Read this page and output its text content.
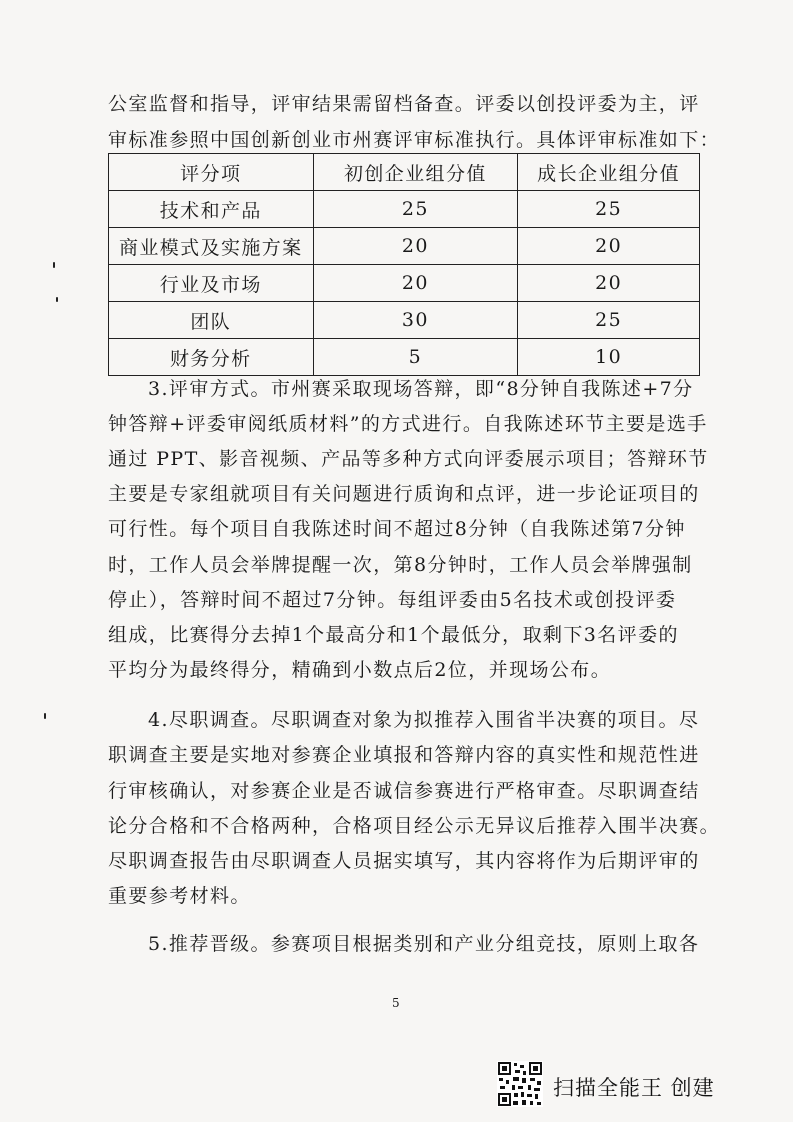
公室监督和指导，评审结果需留档备查。评委以创投评委为主，评
审标准参照中国创新创业市州赛评审标准执行。具体评审标准如下：
评分项	初创企业组分值	成长企业组分值
技术和产品	25	25
商业模式及实施方案	20	20
行业及市场	20	20
团队	30	25
财务分析	5	10
3.评审方式。市州赛采取现场答辩，即“8分钟自我陈述+7分
钟答辩+评委审阅纸质材料”的方式进行。自我陈述环节主要是选手
通过 PPT、影音视频、产品等多种方式向评委展示项目；答辩环节
主要是专家组就项目有关问题进行质询和点评，进一步论证项目的
可行性。每个项目自我陈述时间不超过8分钟（自我陈述第7分钟
时，工作人员会举牌提醒一次，第8分钟时，工作人员会举牌强制
停止），答辩时间不超过7分钟。每组评委由5名技术或创投评委
组成，比赛得分去掉1个最高分和1个最低分，取剩下3名评委的
平均分为最终得分，精确到小数点后2位，并现场公布。
4.尽职调查。尽职调查对象为拟推荐入围省半决赛的项目。尽
职调查主要是实地对参赛企业填报和答辩内容的真实性和规范性进
行审核确认，对参赛企业是否诚信参赛进行严格审查。尽职调查结
论分合格和不合格两种，合格项目经公示无异议后推荐入围半决赛。
尽职调查报告由尽职调查人员据实填写，其内容将作为后期评审的
重要参考材料。
5.推荐晋级。参赛项目根据类别和产业分组竞技，原则上取各
5
扫描全能王 创建
